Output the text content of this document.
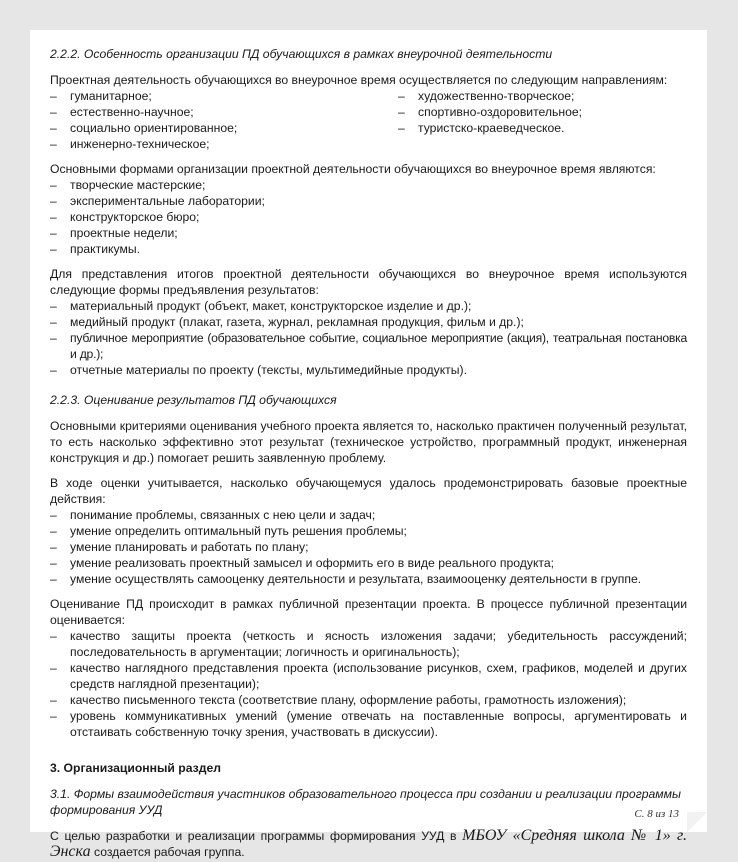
2.2.2. Особенность организации ПД обучающихся в рамках внеурочной деятельности

Проектная деятельность обучающихся во внеурочное время осуществляется по следующим направлениям:

– гуманитарное;
– естественно-научное;
– социально ориентированное;
– инженерно-техническое;
– художественно-творческое;
– спортивно-оздоровительное;
– туристско-краеведческое.

Основными формами организации проектной деятельности обучающихся во внеурочное время являются:

– творческие мастерские;
– экспериментальные лаборатории;
– конструкторское бюро;
– проектные недели;
– практикумы.

Для представления итогов проектной деятельности обучающихся во внеурочное время используются следующие формы предъявления результатов:

– материальный продукт (объект, макет, конструкторское изделие и др.);
– медийный продукт (плакат, газета, журнал, рекламная продукция, фильм и др.);
– публичное мероприятие (образовательное событие, социальное мероприятие (акция), театральная постановка и др.);
– отчетные материалы по проекту (тексты, мультимедийные продукты).

2.2.3. Оценивание результатов ПД обучающихся

Основными критериями оценивания учебного проекта является то, насколько практичен полученный результат, то есть насколько эффективно этот результат (техническое устройство, программный продукт, инженерная конструкция и др.) помогает решить заявленную проблему.

В ходе оценки учитывается, насколько обучающемуся удалось продемонстрировать базовые проектные действия:

– понимание проблемы, связанных с нею цели и задач;
– умение определить оптимальный путь решения проблемы;
– умение планировать и работать по плану;
– умение реализовать проектный замысел и оформить его в виде реального продукта;
– умение осуществлять самооценку деятельности и результата, взаимооценку деятельности в группе.

Оценивание ПД происходит в рамках публичной презентации проекта. В процессе публичной презентации оценивается:

– качество защиты проекта (четкость и ясность изложения задачи; убедительность рассуждений; последовательность в аргументации; логичность и оригинальность);
– качество наглядного представления проекта (использование рисунков, схем, графиков, моделей и других средств наглядной презентации);
– качество письменного текста (соответствие плану, оформление работы, грамотность изложения);
– уровень коммуникативных умений (умение отвечать на поставленные вопросы, аргументировать и отстаивать собственную точку зрения, участвовать в дискуссии).

3. Организационный раздел

3.1. Формы взаимодействия участников образовательного процесса при создании и реализации программы формирования УУД

С целью разработки и реализации программы формирования УУД в МБОУ «Средняя школа № 1» г. Энска создается рабочая группа.

С. 8 из 13
